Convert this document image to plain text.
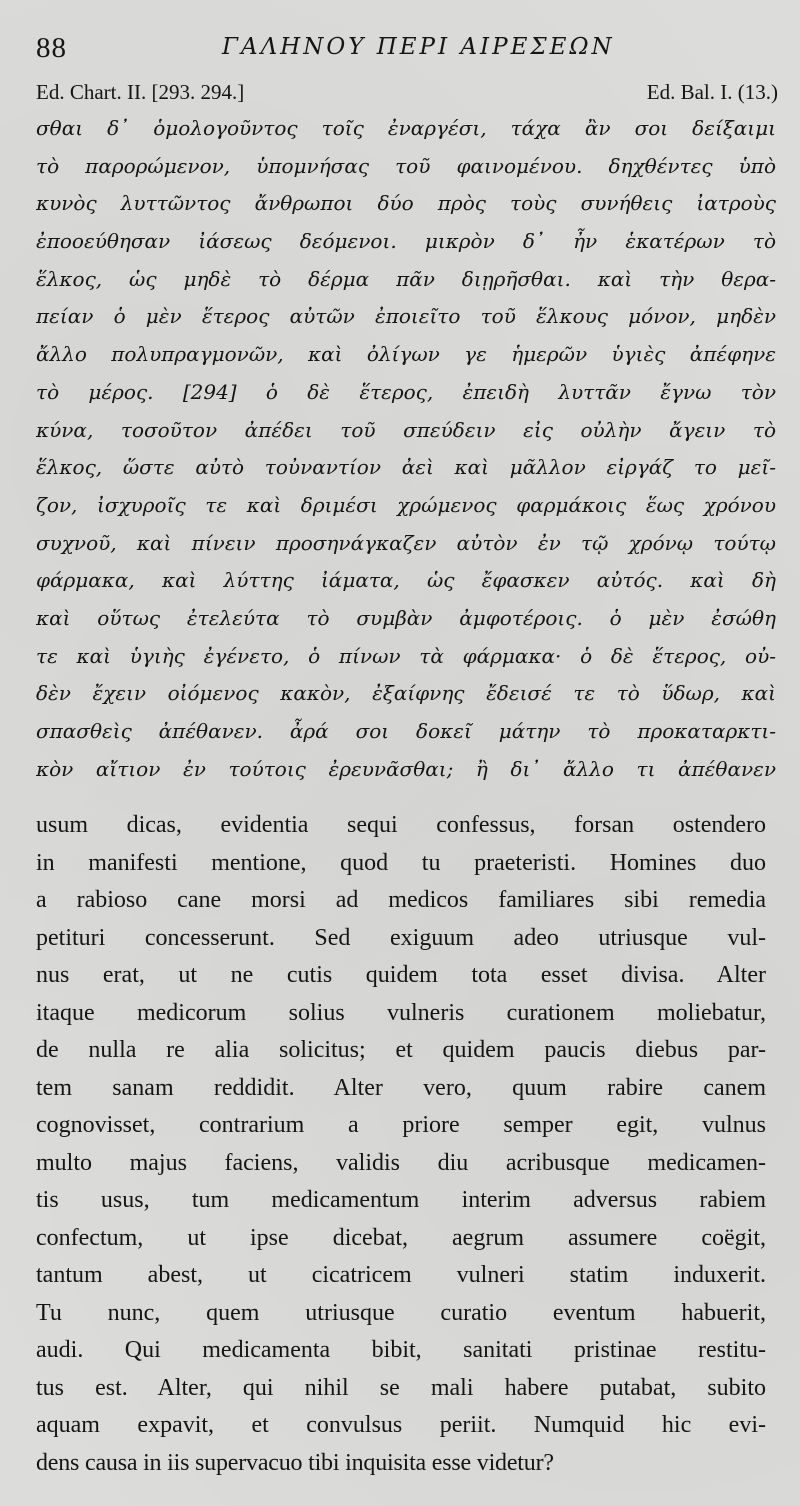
88	ΓΑΛΗΝΟΥ ΠΕΡΙ ΑΙΡΕΣΕΩΝ
Ed. Chart. II. [293. 294.]	Ed. Bal. I. (13.)
σθαι δ᾽ ὁμολογοῦντος τοῖς ἐναργέσι, τάχα ἂν σοι δείξαιμι
τὸ παρορώμενον, ὑπομνήσας τοῦ φαινομένου. δηχθέντες ὑπὸ
κυνὸς λυττῶντος ἄνθρωποι δύο πρὸς τοὺς συνήθεις ἰατροὺς
ἐποοεύθησαν ἰάσεως δεόμενοι. μικρὸν δ᾽ ἦν ἑκατέρων τὸ
ἕλκος, ὡς μηδὲ τὸ δέρμα πᾶν διῃρῆσθαι. καὶ τὴν θερα-
πείαν ὁ μὲν ἕτερος αὐτῶν ἐποιεῖτο τοῦ ἕλκους μόνον, μηδὲν
ἄλλο πολυπραγμονῶν, καὶ ὀλίγων γε ἡμερῶν ὑγιὲς ἀπέφηνε
τὸ μέρος. [294] ὁ δὲ ἕτερος, ἐπειδὴ λυττᾶν ἔγνω τὸν
κύνα, τοσοῦτον ἀπέδει τοῦ σπεύδειν εἰς οὐλὴν ἄγειν τὸ
ἕλκος, ὥστε αὐτὸ τοὐναντίον ἀεὶ καὶ μᾶλλον εἰργάζ το μεῖ-
ζον, ἰσχυροῖς τε καὶ δριμέσι χρώμενος φαρμάκοις ἕως χρόνου
συχνοῦ, καὶ πίνειν προσηνάγκαζεν αὐτὸν ἐν τῷ χρόνῳ τούτῳ
φάρμακα, καὶ λύττης ἰάματα, ὡς ἔφασκεν αὐτός. καὶ δὴ
καὶ οὕτως ἐτελεύτα τὸ συμβὰν ἀμφοτέροις. ὁ μὲν ἐσώθη
τε καὶ ὑγιὴς ἐγένετο, ὁ πίνων τὰ φάρμακα· ὁ δὲ ἕτερος, οὐ-
δὲν ἔχειν οἰόμενος κακὸν, ἐξαίφνης ἔδεισέ τε τὸ ὕδωρ, καὶ
σπασθεὶς ἀπέθανεν. ἆρά σοι δοκεῖ μάτην τὸ προκαταρκτι-
κὸν αἴτιον ἐν τούτοις ἐρευνᾶσθαι; ἢ δι᾽ ἄλλο τι ἀπέθανεν
usum dicas, evidentia sequi confessus, forsan ostendero
in manifesti mentione, quod tu praeteristi. Homines duo
a rabioso cane morsi ad medicos familiares sibi remedia
petituri concesserunt. Sed exiguum adeo utriusque vul-
nus erat, ut ne cutis quidem tota esset divisa. Alter
itaque medicorum solius vulneris curationem moliebatur,
de nulla re alia solicitus; et quidem paucis diebus par-
tem sanam reddidit. Alter vero, quum rabire canem
cognovisset, contrarium a priore semper egit, vulnus
multo majus faciens, validis diu acribusque medicamen-
tis usus, tum medicamentum interim adversus rabiem
confectum, ut ipse dicebat, aegrum assumere coëgit,
tantum abest, ut cicatricem vulneri statim induxerit.
Tu nunc, quem utriusque curatio eventum habuerit,
audi. Qui medicamenta bibit, sanitati pristinae restitu-
tus est. Alter, qui nihil se mali habere putabat, subito
aquam expavit, et convulsus periit. Numquid hic evi-
dens causa in iis supervacuo tibi inquisita esse videtur?
